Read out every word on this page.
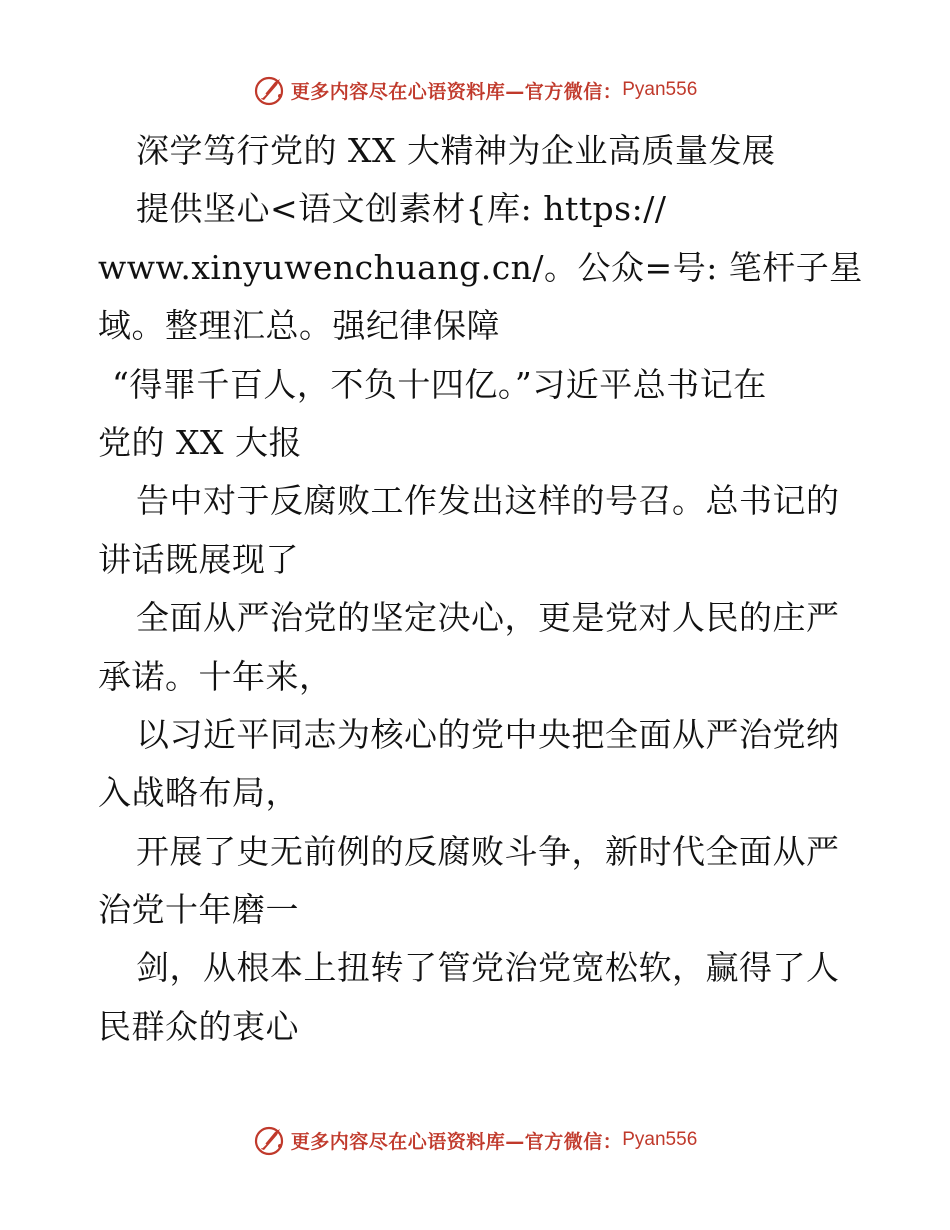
更多内容尽在心语资料库—官方微信： Pyan556
深学笃行党的 XX 大精神为企业高质量发展
提供坚心<语文创素材{库: https://
www.xinyuwenchuang.cn/。公众=号: 笔杆子星
域。整理汇总。强纪律保障
“得罪千百人，不负十四亿。”习近平总书记在
党的 XX 大报
告中对于反腐败工作发出这样的号召。总书记的
讲话既展现了
全面从严治党的坚定决心，更是党对人民的庄严
承诺。十年来，
以习近平同志为核心的党中央把全面从严治党纳
入战略布局，
开展了史无前例的反腐败斗争，新时代全面从严
治党十年磨一
剑，从根本上扭转了管党治党宽松软，赢得了人
民群众的衷心
更多内容尽在心语资料库—官方微信： Pyan556
